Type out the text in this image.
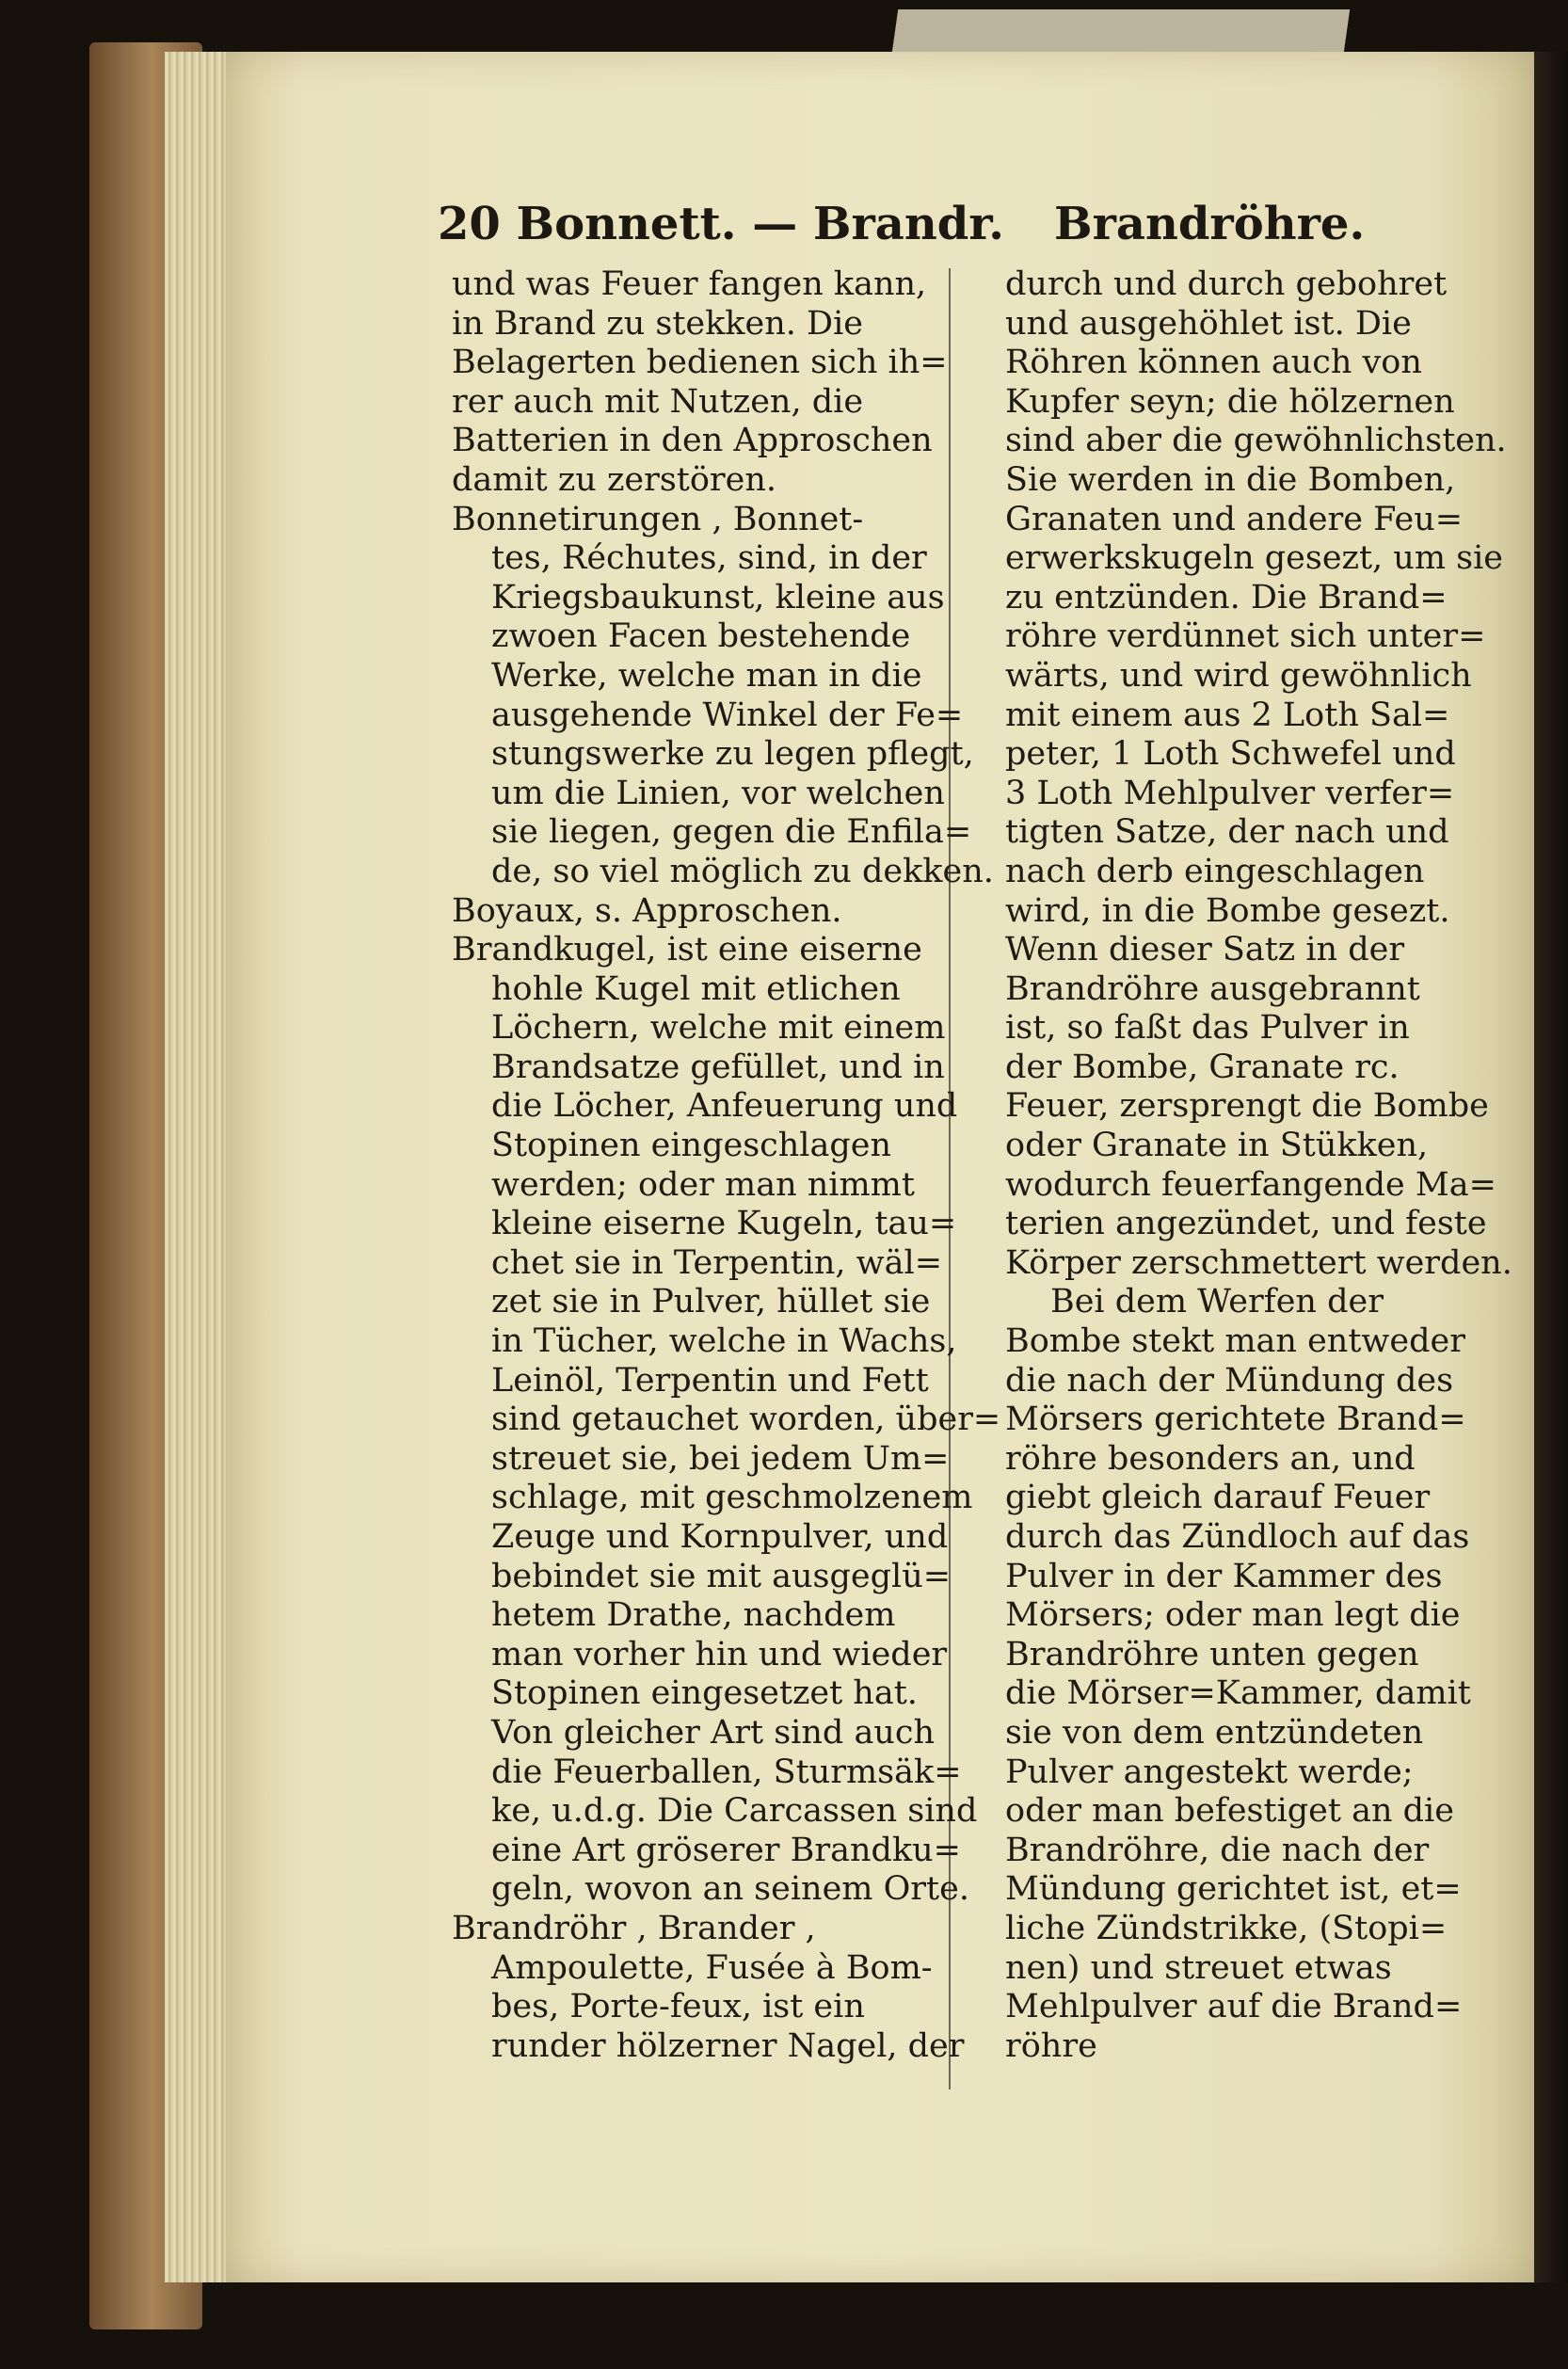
20 Bonnett. — Brandr. Brandröhre.
und was Feuer fangen kann,
in Brand zu stekken. Die
Belagerten bedienen sich ih=
rer auch mit Nutzen, die
Batterien in den Approschen
damit zu zerstören.
Bonnetirungen , Bonnet-
tes, Réchutes, sind, in der
Kriegsbaukunst, kleine aus
zwoen Facen bestehende
Werke, welche man in die
ausgehende Winkel der Fe=
stungswerke zu legen pflegt,
um die Linien, vor welchen
sie liegen, gegen die Enfila=
de, so viel möglich zu dekken.
Boyaux, s. Approschen.
Brandkugel, ist eine eiserne
hohle Kugel mit etlichen
Löchern, welche mit einem
Brandsatze gefüllet, und in
die Löcher, Anfeuerung und
Stopinen eingeschlagen
werden; oder man nimmt
kleine eiserne Kugeln, tau=
chet sie in Terpentin, wäl=
zet sie in Pulver, hüllet sie
in Tücher, welche in Wachs,
Leinöl, Terpentin und Fett
sind getauchet worden, über=
streuet sie, bei jedem Um=
schlage, mit geschmolzenem
Zeuge und Kornpulver, und
bebindet sie mit ausgeglü=
hetem Drathe, nachdem
man vorher hin und wieder
Stopinen eingesetzet hat.
Von gleicher Art sind auch
die Feuerballen, Sturmsäk=
ke, u.d.g. Die Carcassen sind
eine Art gröserer Brandku=
geln, wovon an seinem Orte.
Brandröhr , Brander ,
Ampoulette, Fusée à Bom-
bes, Porte-feux, ist ein
runder hölzerner Nagel, der
durch und durch gebohret
und ausgehöhlet ist. Die
Röhren können auch von
Kupfer seyn; die hölzernen
sind aber die gewöhnlichsten.
Sie werden in die Bomben,
Granaten und andere Feu=
erwerkskugeln gesezt, um sie
zu entzünden. Die Brand=
röhre verdünnet sich unter=
wärts, und wird gewöhnlich
mit einem aus 2 Loth Sal=
peter, 1 Loth Schwefel und
3 Loth Mehlpulver verfer=
tigten Satze, der nach und
nach derb eingeschlagen
wird, in die Bombe gesezt.
Wenn dieser Satz in der
Brandröhre ausgebrannt
ist, so faßt das Pulver in
der Bombe, Granate rc.
Feuer, zersprengt die Bombe
oder Granate in Stükken,
wodurch feuerfangende Ma=
terien angezündet, und feste
Körper zerschmettert werden.
Bei dem Werfen der
Bombe stekt man entweder
die nach der Mündung des
Mörsers gerichtete Brand=
röhre besonders an, und
giebt gleich darauf Feuer
durch das Zündloch auf das
Pulver in der Kammer des
Mörsers; oder man legt die
Brandröhre unten gegen
die Mörser=Kammer, damit
sie von dem entzündeten
Pulver angestekt werde;
oder man befestiget an die
Brandröhre, die nach der
Mündung gerichtet ist, et=
liche Zündstrikke, (Stopi=
nen) und streuet etwas
Mehlpulver auf die Brand=
röhre
